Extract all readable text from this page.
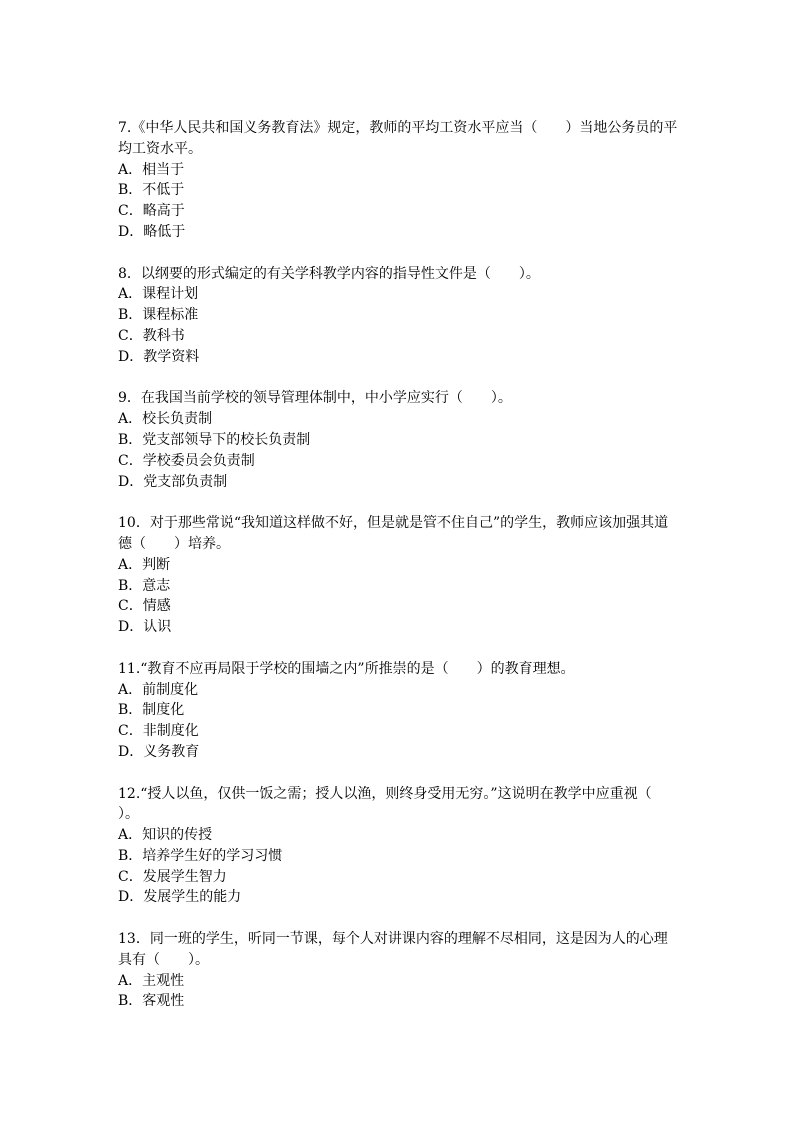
7.《中华人民共和国义务教育法》规定，教师的平均工资水平应当（　　）当地公务员的平均工资水平。

A．相当于

B．不低于

C．略高于

D．略低于

8．以纲要的形式编定的有关学科教学内容的指导性文件是（　　）。

A．课程计划

B．课程标准

C．教科书

D．教学资料

9．在我国当前学校的领导管理体制中，中小学应实行（　　）。

A．校长负责制

B．党支部领导下的校长负责制

C．学校委员会负责制

D．党支部负责制

10．对于那些常说“我知道这样做不好，但是就是管不住自己”的学生，教师应该加强其道德（　　）培养。

A．判断

B．意志

C．情感

D．认识

11.“教育不应再局限于学校的围墙之内”所推崇的是（　　）的教育理想。

A．前制度化

B．制度化

C．非制度化

D．义务教育

12.“授人以鱼，仅供一饭之需；授人以渔，则终身受用无穷。”这说明在教学中应重视（　　）。

A．知识的传授

B．培养学生好的学习习惯

C．发展学生智力

D．发展学生的能力

13．同一班的学生，听同一节课，每个人对讲课内容的理解不尽相同，这是因为人的心理具有（　　）。

A．主观性

B．客观性
